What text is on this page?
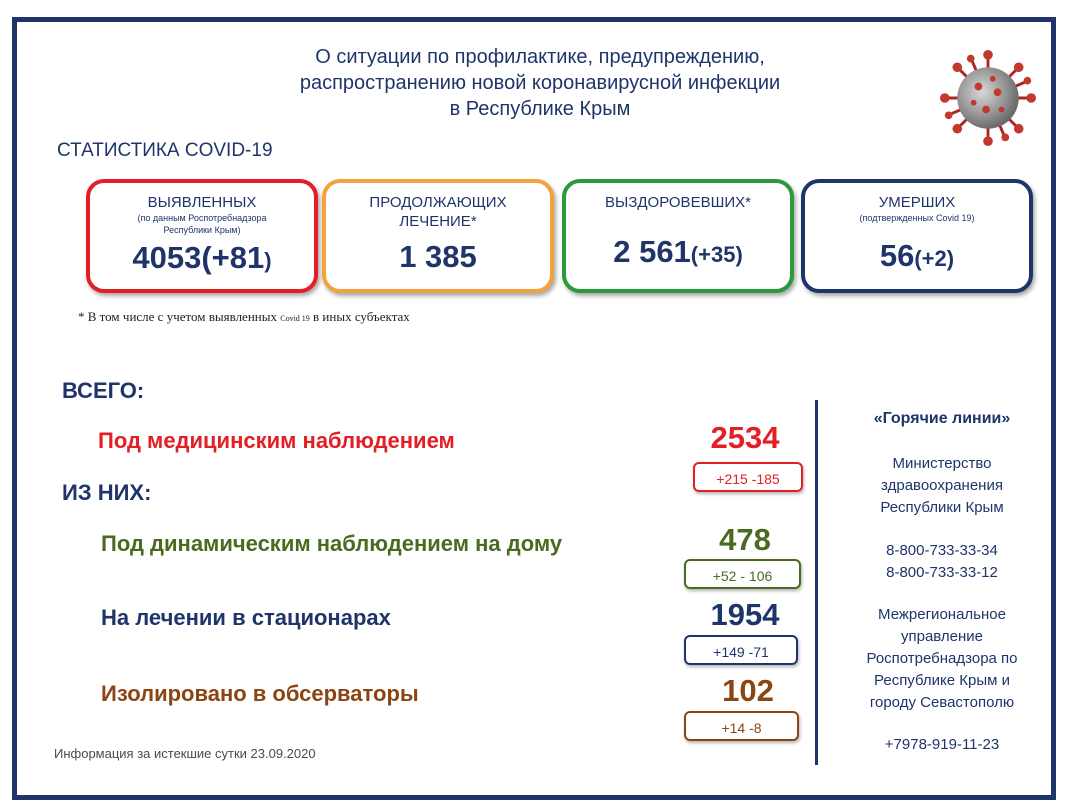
О ситуации по профилактике, предупреждению,
распространению новой коронавирусной инфекции
в Республике Крым
СТАТИСТИКА COVID-19
ВЫЯВЛЕННЫХ
(по данным Роспотребнадзора Республики Крым)
4053(+81)
ПРОДОЛЖАЮЩИХ
ЛЕЧЕНИЕ*
1 385
ВЫЗДОРОВЕВШИХ*
2 561(+35)
УМЕРШИХ
(подтвержденных Covid 19)
56(+2)
* В том числе с учетом выявленных Covid 19 в иных субъектах
ВСЕГО:
ИЗ НИХ:
Под медицинским наблюдением	2534
+215 -185
Под динамическим наблюдением на дому	478
+52 - 106
На лечении в стационарах	1954
+149 -71
Изолировано в обсерваторы	102
+14 -8
«Горячие линии»
Министерство
здравоохранения
Республики Крым
8-800-733-33-34
8-800-733-33-12
Межрегиональное
управление
Роспотребнадзора по
Республике Крым и
городу Севастополю
+7978-919-11-23
Информация за истекшие сутки 23.09.2020
